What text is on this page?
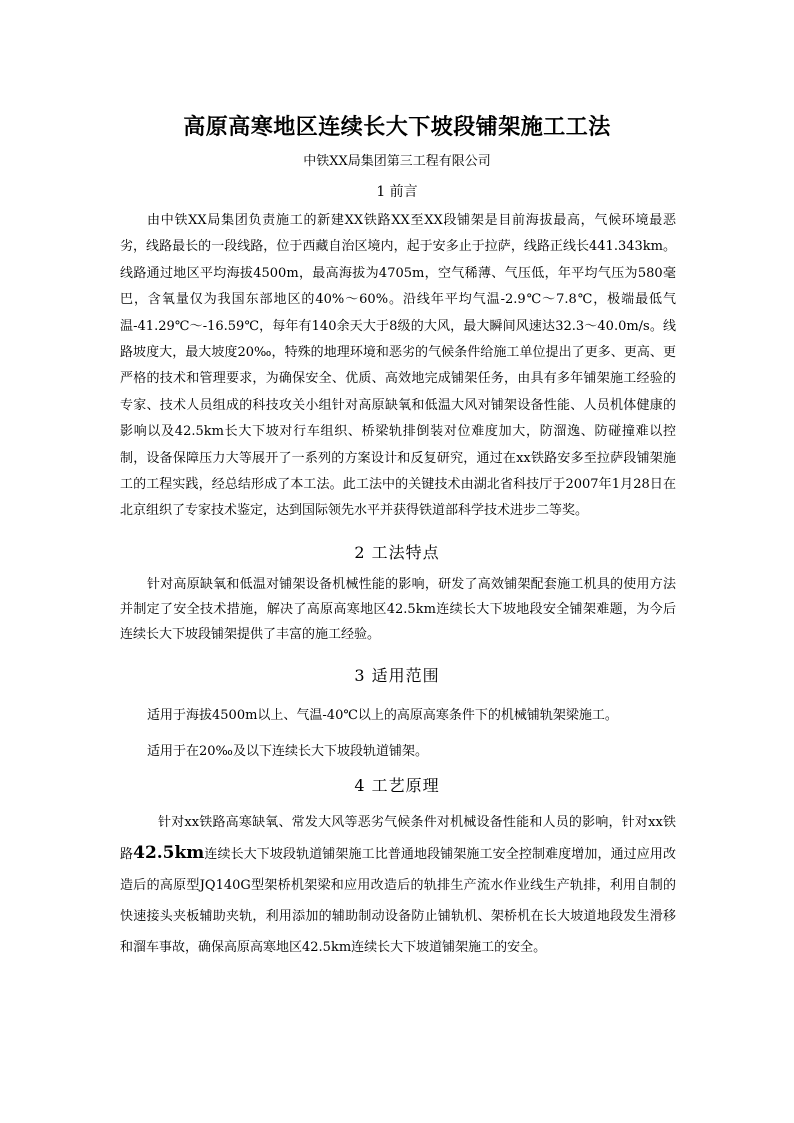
高原高寒地区连续长大下坡段铺架施工工法

中铁XX局集团第三工程有限公司

1 前言

由中铁XX局集团负责施工的新建XX铁路XX至XX段铺架是目前海拔最高，气候环境最恶劣，线路最长的一段线路，位于西藏自治区境内，起于安多止于拉萨，线路正线长441.343km。线路通过地区平均海拔4500m，最高海拔为4705m，空气稀薄、气压低，年平均气压为580毫巴，含氧量仅为我国东部地区的40%～60%。沿线年平均气温-2.9℃～7.8℃，极端最低气温-41.29℃～-16.59℃，每年有140余天大于8级的大风，最大瞬间风速达32.3～40.0m/s。线路坡度大，最大坡度20‰，特殊的地理环境和恶劣的气候条件给施工单位提出了更多、更高、更严格的技术和管理要求，为确保安全、优质、高效地完成铺架任务，由具有多年铺架施工经验的专家、技术人员组成的科技攻关小组针对高原缺氧和低温大风对铺架设备性能、人员机体健康的影响以及42.5km长大下坡对行车组织、桥梁轨排倒装对位难度加大，防溜逸、防碰撞难以控制，设备保障压力大等展开了一系列的方案设计和反复研究，通过在xx铁路安多至拉萨段铺架施工的工程实践，经总结形成了本工法。此工法中的关键技术由湖北省科技厅于2007年1月28日在北京组织了专家技术鉴定，达到国际领先水平并获得铁道部科学技术进步二等奖。

2 工法特点

针对高原缺氧和低温对铺架设备机械性能的影响，研发了高效铺架配套施工机具的使用方法并制定了安全技术措施，解决了高原高寒地区42.5km连续长大下坡地段安全铺架难题，为今后连续长大下坡段铺架提供了丰富的施工经验。

3 适用范围

适用于海拔4500m以上、气温-40℃以上的高原高寒条件下的机械铺轨架梁施工。

适用于在20‰及以下连续长大下坡段轨道铺架。

4 工艺原理

针对xx铁路高寒缺氧、常发大风等恶劣气候条件对机械设备性能和人员的影响，针对xx铁路42.5km连续长大下坡段轨道铺架施工比普通地段铺架施工安全控制难度增加，通过应用改造后的高原型JQ140G型架桥机架梁和应用改造后的轨排生产流水作业线生产轨排，利用自制的快速接头夹板辅助夹轨，利用添加的辅助制动设备防止铺轨机、架桥机在长大坡道地段发生滑移和溜车事故，确保高原高寒地区42.5km连续长大下坡道铺架施工的安全。
